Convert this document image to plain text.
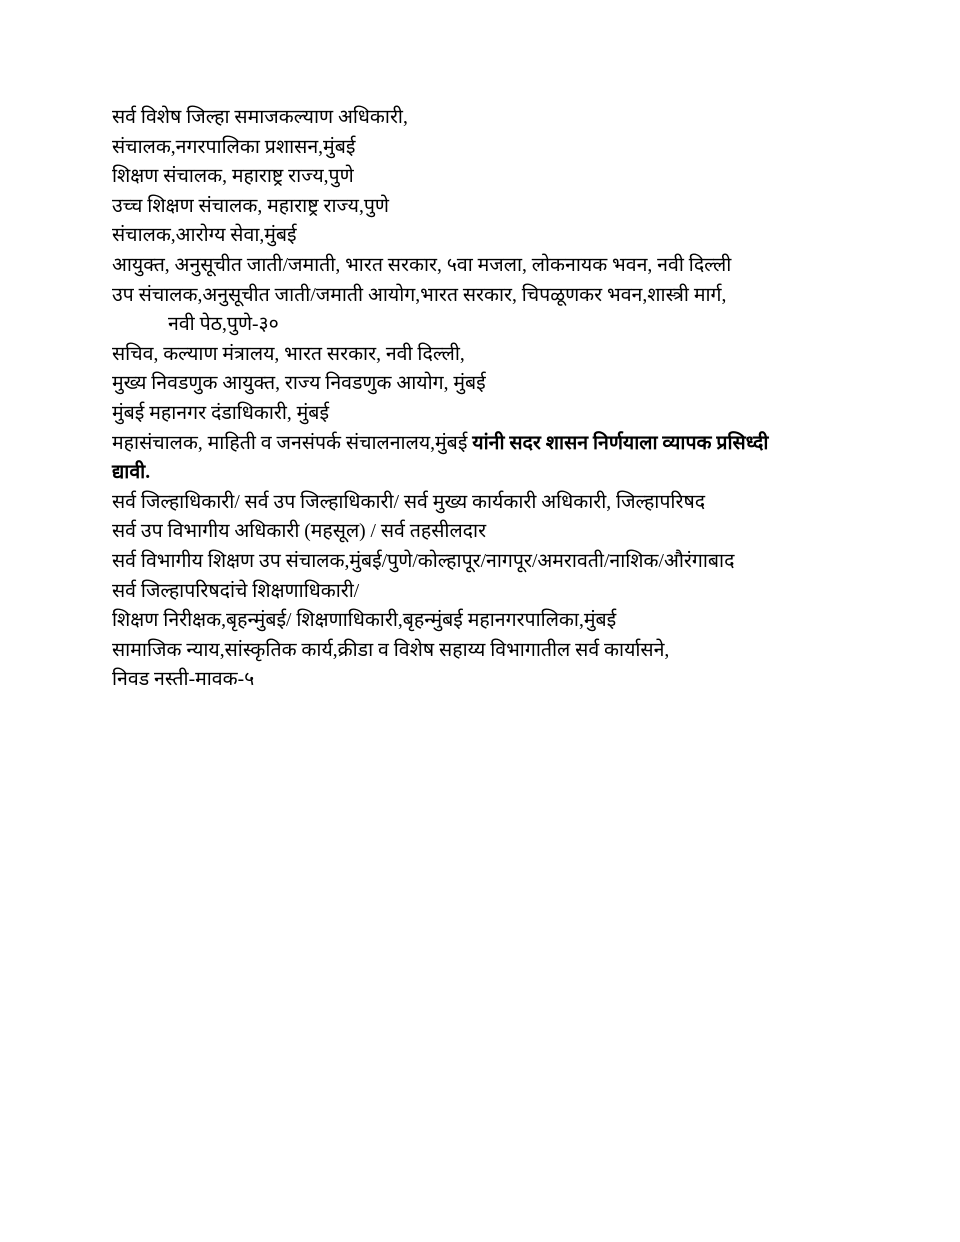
सर्व विशेष जिल्हा समाजकल्याण अधिकारी,
संचालक,नगरपालिका प्रशासन,मुंबई
शिक्षण संचालक, महाराष्ट्र राज्य,पुणे
उच्च शिक्षण संचालक, महाराष्ट्र राज्य,पुणे
संचालक,आरोग्य सेवा,मुंबई
आयुक्त, अनुसूचीत जाती/जमाती, भारत सरकार, ५वा मजला, लोकनायक भवन, नवी दिल्ली
उप संचालक,अनुसूचीत जाती/जमाती आयोग,भारत सरकार, चिपळूणकर भवन,शास्त्री मार्ग,
नवी पेठ,पुणे-३०
सचिव, कल्याण मंत्रालय, भारत सरकार, नवी दिल्ली,
मुख्य निवडणुक आयुक्त, राज्य निवडणुक आयोग, मुंबई
मुंबई महानगर दंडाधिकारी, मुंबई
महासंचालक, माहिती व जनसंपर्क संचालनालय,मुंबई यांनी सदर शासन निर्णयाला व्यापक प्रसिध्दी
द्यावी.
सर्व जिल्हाधिकारी/ सर्व उप जिल्हाधिकारी/ सर्व मुख्य कार्यकारी अधिकारी, जिल्हापरिषद
सर्व उप विभागीय अधिकारी (महसूल) / सर्व तहसीलदार
सर्व विभागीय शिक्षण उप संचालक,मुंबई/पुणे/कोल्हापूर/नागपूर/अमरावती/नाशिक/औरंगाबाद
सर्व जिल्हापरिषदांचे शिक्षणाधिकारी/
शिक्षण निरीक्षक,बृहन्मुंबई/ शिक्षणाधिकारी,बृहन्मुंबई महानगरपालिका,मुंबई
सामाजिक न्याय,सांस्कृतिक कार्य,क्रीडा व विशेष सहाय्य विभागातील सर्व कार्यासने,
निवड नस्ती-मावक-५
